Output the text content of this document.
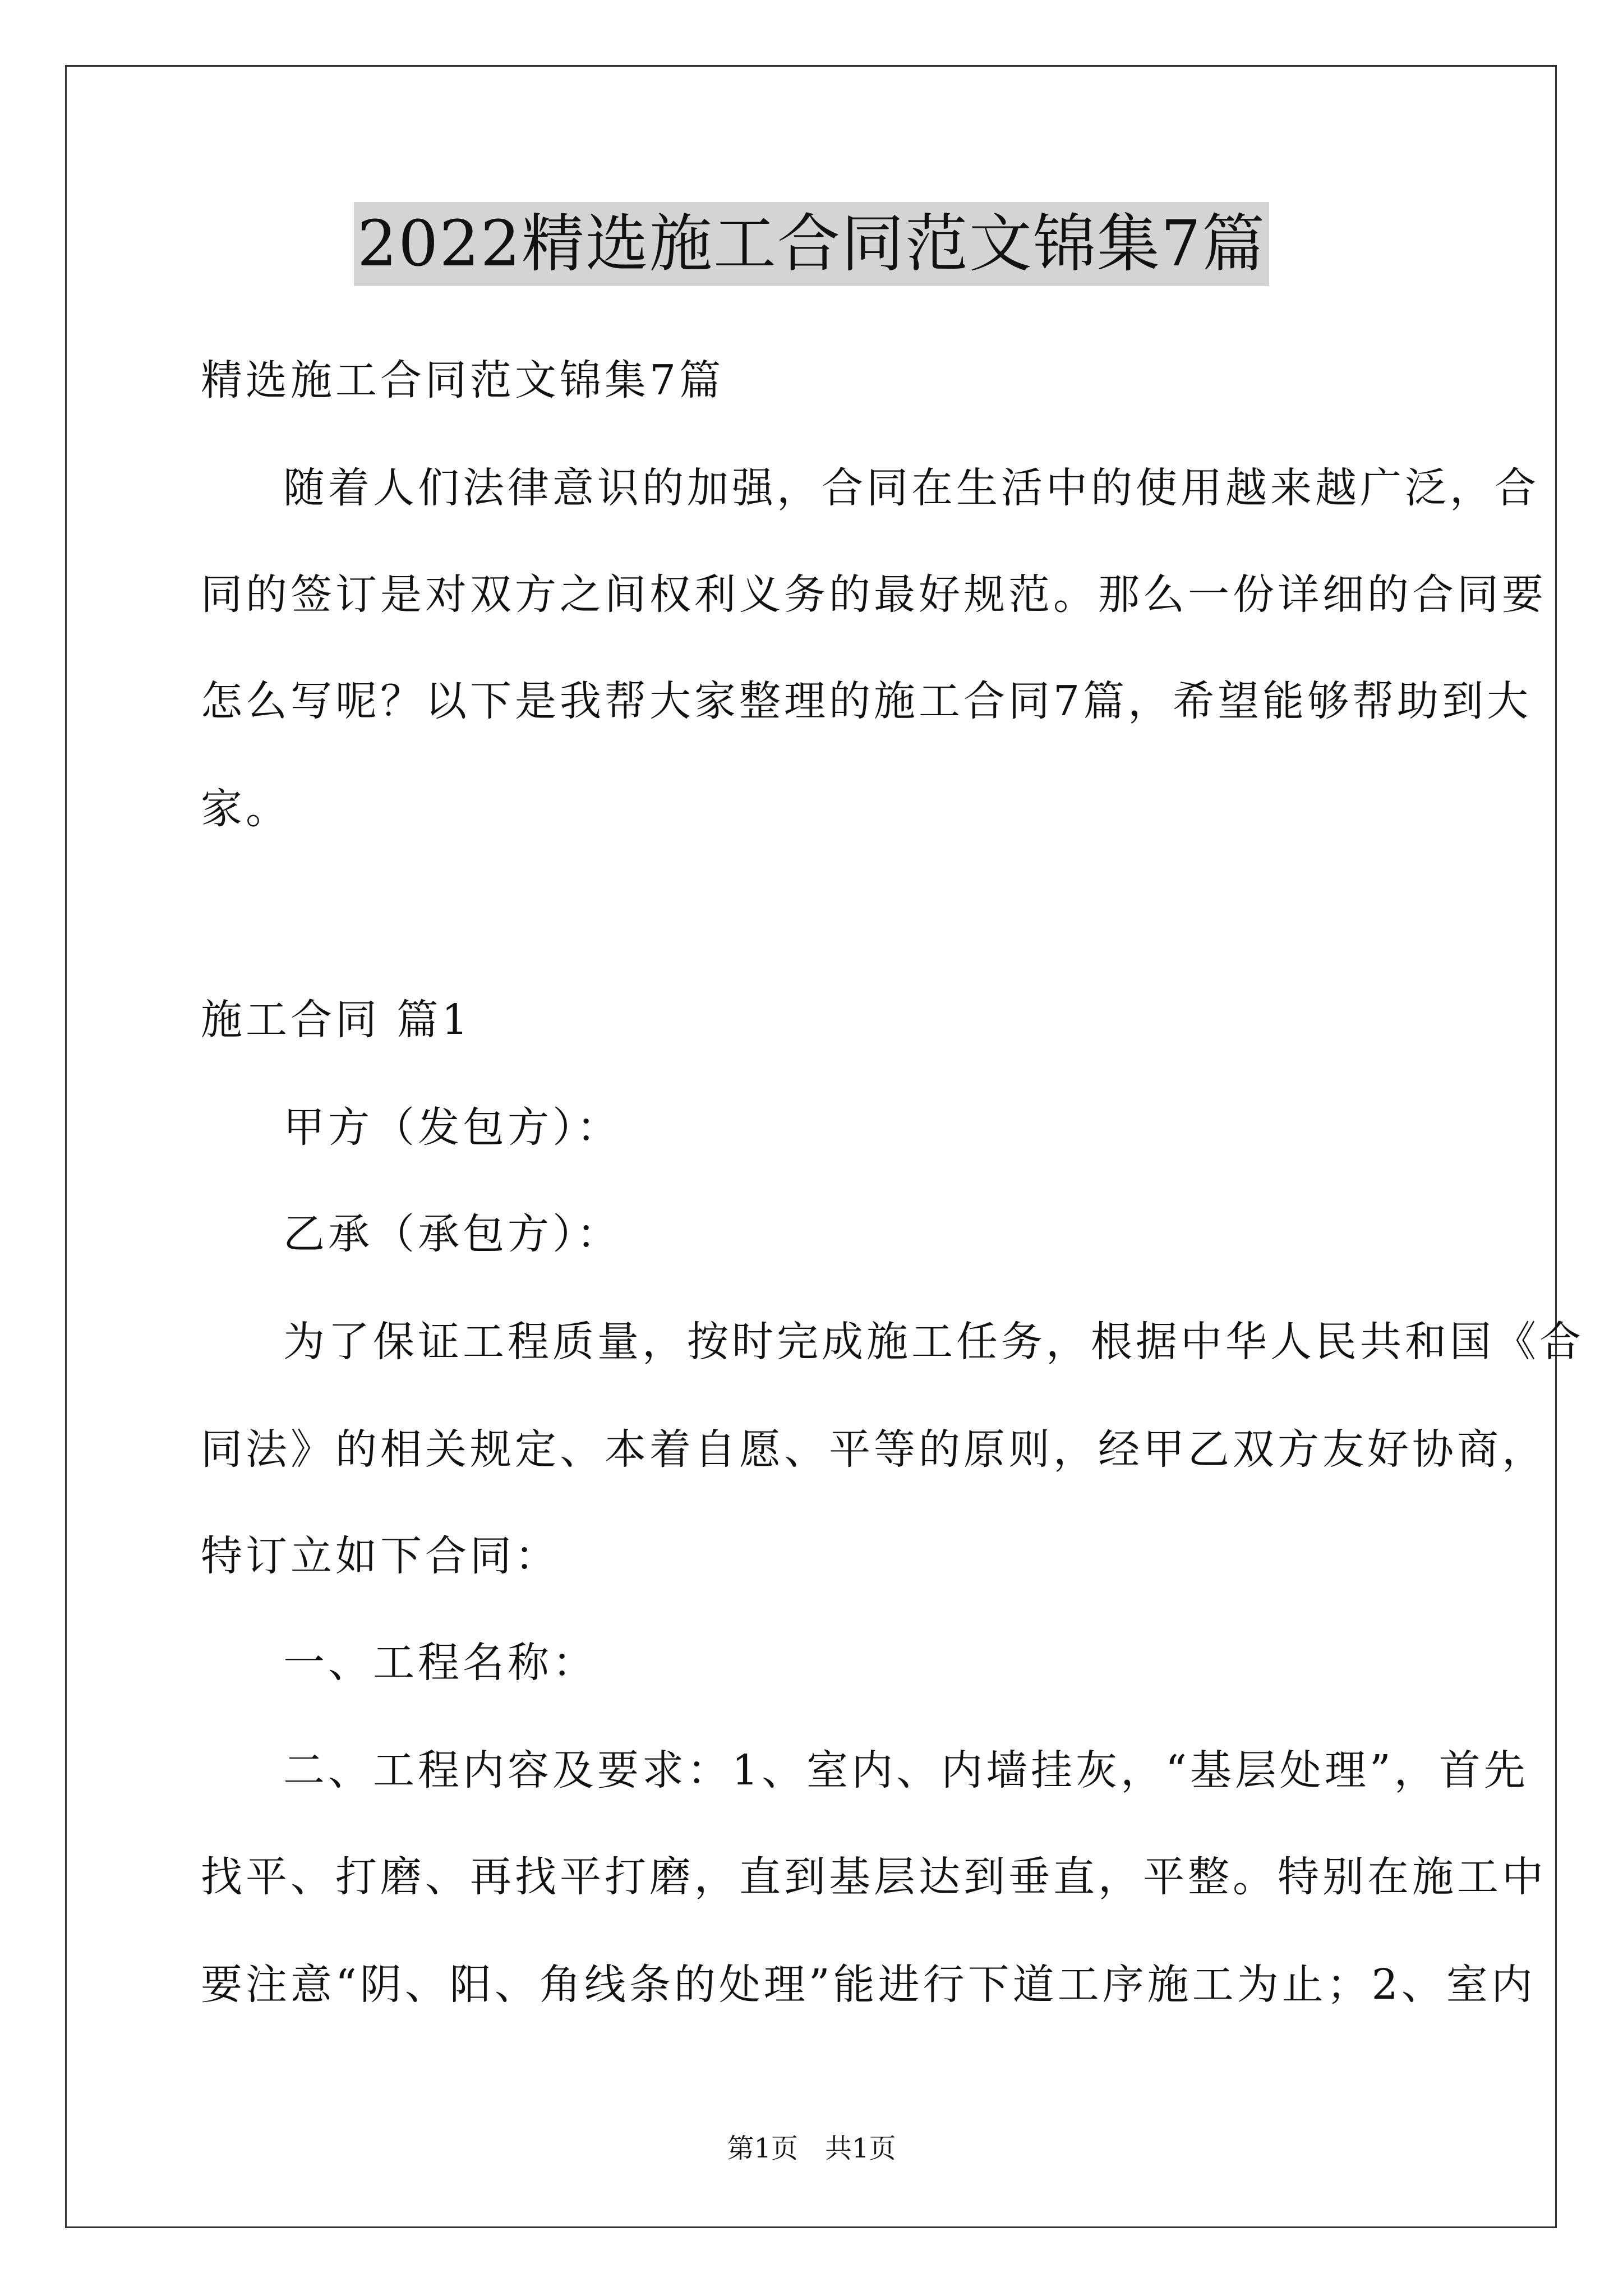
2022精选施工合同范文锦集7篇
精选施工合同范文锦集7篇
随着人们法律意识的加强，合同在生活中的使用越来越广泛，合
同的签订是对双方之间权利义务的最好规范。那么一份详细的合同要
怎么写呢？以下是我帮大家整理的施工合同7篇，希望能够帮助到大
家。
施工合同 篇1
甲方（发包方）：
乙承（承包方）：
为了保证工程质量，按时完成施工任务，根据中华人民共和国《合
同法》的相关规定、本着自愿、平等的原则，经甲乙双方友好协商，
特订立如下合同：
一、工程名称：
二、工程内容及要求：1、室内、内墙挂灰，“基层处理”，首先
找平、打磨、再找平打磨，直到基层达到垂直，平整。特别在施工中
要注意“阴、阳、角线条的处理”能进行下道工序施工为止；2、室内
第1页　共1页
